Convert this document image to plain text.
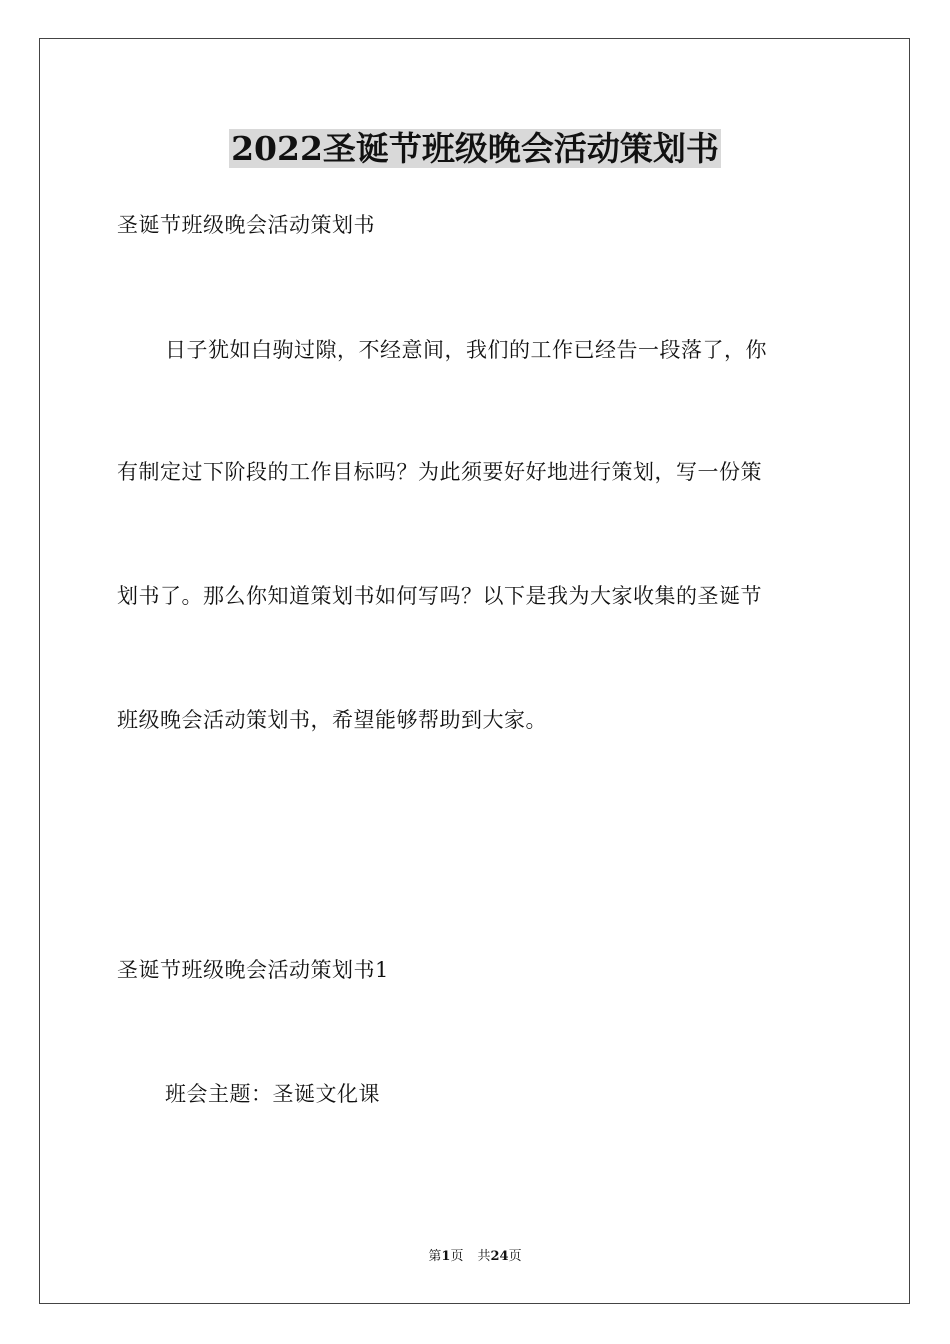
2022圣诞节班级晚会活动策划书
圣诞节班级晚会活动策划书
日子犹如白驹过隙，不经意间，我们的工作已经告一段落了，你
有制定过下阶段的工作目标吗？为此须要好好地进行策划，写一份策
划书了。那么你知道策划书如何写吗？以下是我为大家收集的圣诞节
班级晚会活动策划书，希望能够帮助到大家。
圣诞节班级晚会活动策划书1
班会主题：圣诞文化课
第1页 共24页
